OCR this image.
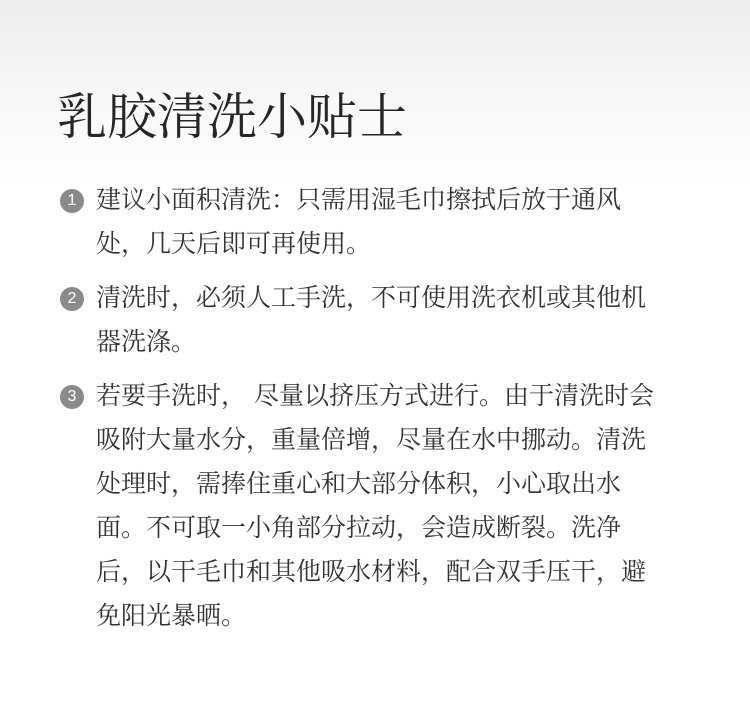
乳胶清洗小贴士
1 建议小面积清洗：只需用湿毛巾擦拭后放于通风处，几天后即可再使用。
2 清洗时，必须人工手洗，不可使用洗衣机或其他机器洗涤。
3 若要手洗时， 尽量以挤压方式进行。由于清洗时会吸附大量水分，重量倍增，尽量在水中挪动。清洗处理时，需捧住重心和大部分体积，小心取出水面。不可取一小角部分拉动，会造成断裂。洗净后，以干毛巾和其他吸水材料，配合双手压干，避免阳光暴晒。
